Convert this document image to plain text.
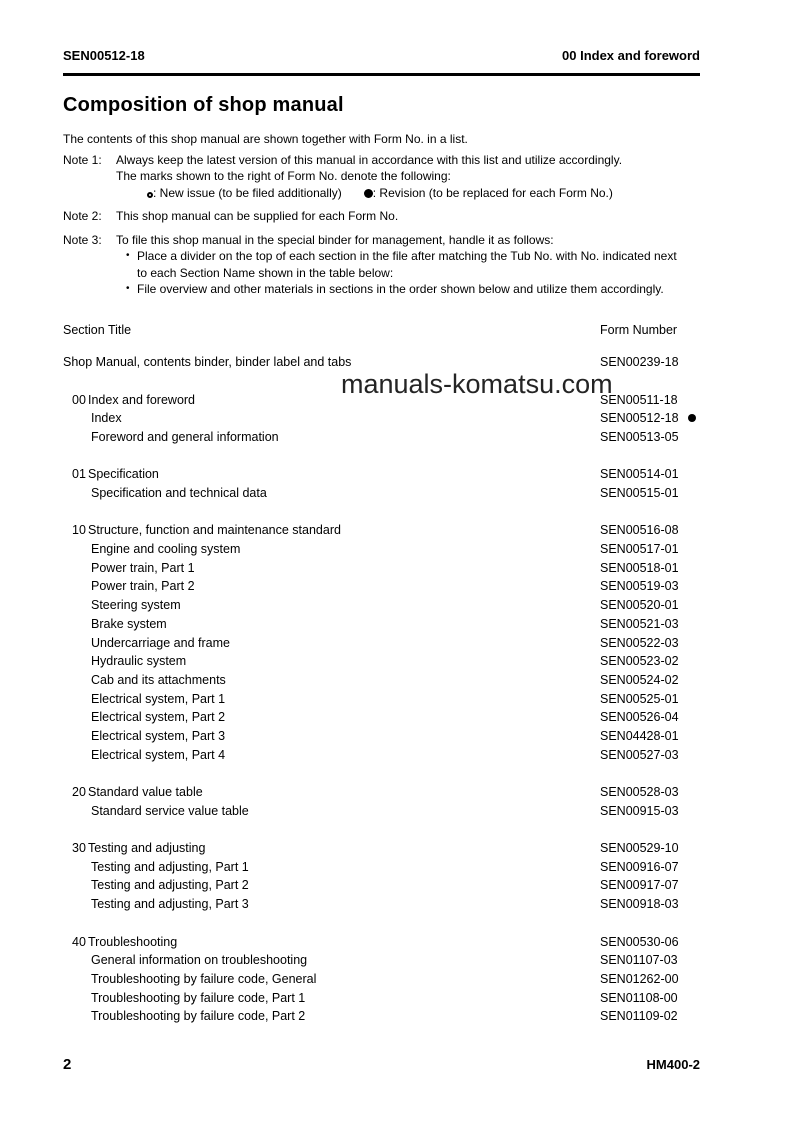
SEN00512-18	00 Index and foreword
Composition of shop manual

The contents of this shop manual are shown together with Form No. in a list.

Note 1:	Always keep the latest version of this manual in accordance with this list and utilize accordingly.
The marks shown to the right of Form No. denote the following:
: New issue (to be filed additionally)	: Revision (to be replaced for each Form No.)
Note 2:	This shop manual can be supplied for each Form No.
Note 3:	To file this shop manual in the special binder for management, handle it as follows:
• Place a divider on the top of each section in the file after matching the Tub No. with No. indicated next to each Section Name shown in the table below:
• File overview and other materials in sections in the order shown below and utilize them accordingly.
Section Title	Form Number
Shop Manual, contents binder, binder label and tabs	SEN00239-18
00 Index and foreword	SEN00511-18
Index	SEN00512-18
Foreword and general information	SEN00513-05
01 Specification	SEN00514-01
Specification and technical data	SEN00515-01
10 Structure, function and maintenance standard	SEN00516-08
Engine and cooling system	SEN00517-01
Power train, Part 1	SEN00518-01
Power train, Part 2	SEN00519-03
Steering system	SEN00520-01
Brake system	SEN00521-03
Undercarriage and frame	SEN00522-03
Hydraulic system	SEN00523-02
Cab and its attachments	SEN00524-02
Electrical system, Part 1	SEN00525-01
Electrical system, Part 2	SEN00526-04
Electrical system, Part 3	SEN04428-01
Electrical system, Part 4	SEN00527-03
20 Standard value table	SEN00528-03
Standard service value table	SEN00915-03
30 Testing and adjusting	SEN00529-10
Testing and adjusting, Part 1	SEN00916-07
Testing and adjusting, Part 2	SEN00917-07
Testing and adjusting, Part 3	SEN00918-03
40 Troubleshooting	SEN00530-06
General information on troubleshooting	SEN01107-03
Troubleshooting by failure code, General	SEN01262-00
Troubleshooting by failure code, Part 1	SEN01108-00
Troubleshooting by failure code, Part 2	SEN01109-02
manuals-komatsu.com
2	HM400-2
